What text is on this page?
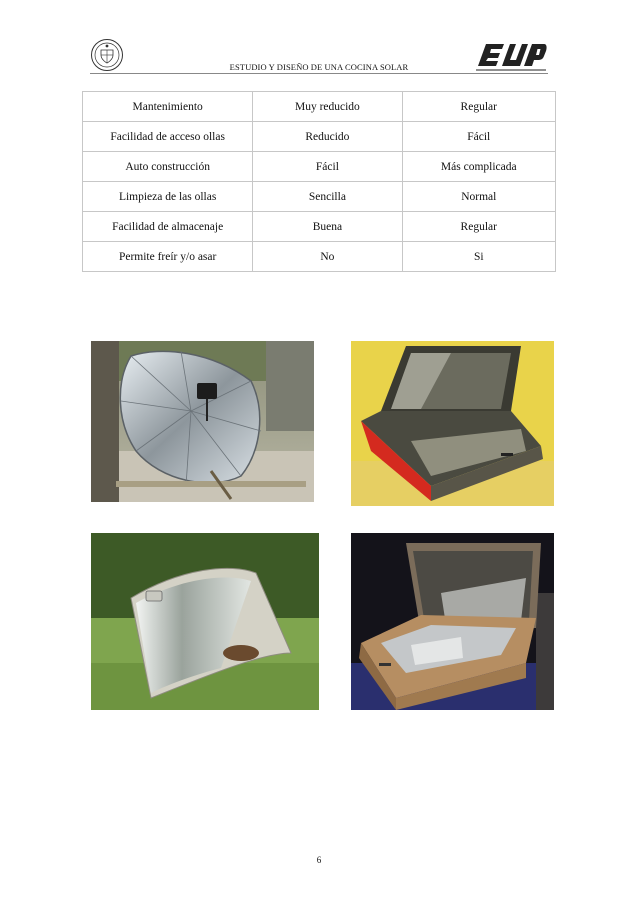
ESTUDIO Y DISEÑO DE UNA COCINA SOLAR
Mantenimiento	Muy reducido	Regular
Facilidad de acceso ollas	Reducido	Fácil
Auto construcción	Fácil	Más complicada
Limpieza de las ollas	Sencilla	Normal
Facilidad de almacenaje	Buena	Regular
Permite freír y/o asar	No	Si
6
